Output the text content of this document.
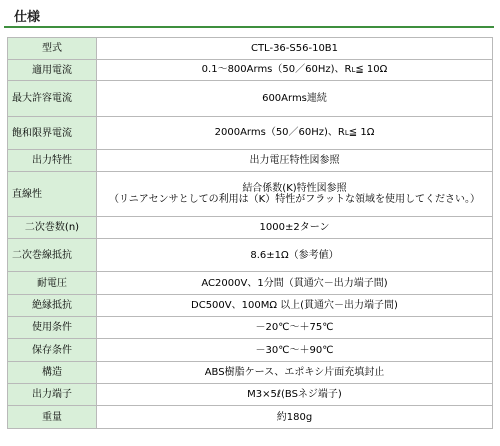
仕様
型式	CTL-36-S56-10B1
適用電流	0.1～800Arms（50／60Hz)、RL≦ 10Ω
最大許容電流	600Arms連続
飽和限界電流	2000Arms（50／60Hz)、RL≦ 1Ω
出力特性	出力電圧特性図参照
直線性	結合係数(K)特性図参照
（リニアセンサとしての利用は（K）特性がフラットな領域を使用してください。）

二次巻数(n)	1000±2ターン
二次巻線抵抗	8.6±1Ω（参考値）
耐電圧	AC2000V、1分間（貫通穴－出力端子間)
絶縁抵抗	DC500V、100MΩ 以上(貫通穴－出力端子間)
使用条件	－20℃～＋75℃
保存条件	－30℃～＋90℃
構造	ABS樹脂ケース、エポキシ片面充填封止
出力端子	M3×5ℓ(BSネジ端子)
重量	約180g
